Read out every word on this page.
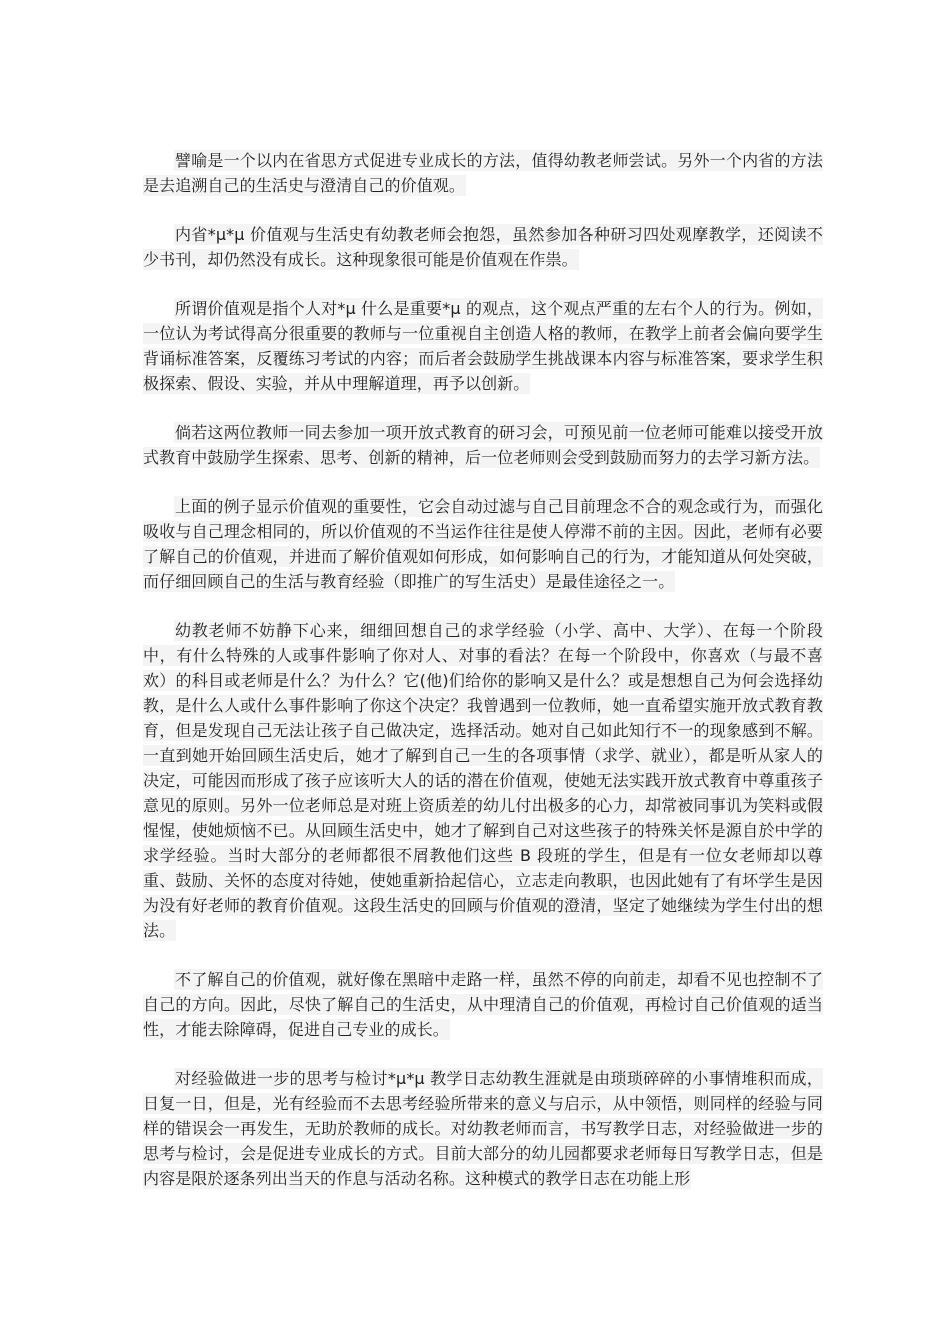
譬喻是一个以内在省思方式促进专业成长的方法，值得幼教老师尝试。另外一个内省的方法是去追溯自己的生活史与澄清自己的价值观。

内省*μ*μ 价值观与生活史有幼教老师会抱怨，虽然参加各种研习四处观摩教学，还阅读不少书刊，却仍然没有成长。这种现象很可能是价值观在作祟。

所谓价值观是指个人对*μ 什么是重要*μ 的观点，这个观点严重的左右个人的行为。例如，一位认为考试得高分很重要的教师与一位重视自主创造人格的教师，在教学上前者会偏向要学生背诵标准答案，反覆练习考试的内容；而后者会鼓励学生挑战课本内容与标准答案，要求学生积极探索、假设、实验，并从中理解道理，再予以创新。

倘若这两位教师一同去参加一项开放式教育的研习会，可预见前一位老师可能难以接受开放式教育中鼓励学生探索、思考、创新的精神，后一位老师则会受到鼓励而努力的去学习新方法。

上面的例子显示价值观的重要性，它会自动过滤与自己目前理念不合的观念或行为，而强化吸收与自己理念相同的，所以价值观的不当运作往往是使人停滞不前的主因。因此，老师有必要了解自己的价值观，并进而了解价值观如何形成，如何影响自己的行为，才能知道从何处突破，而仔细回顾自己的生活与教育经验（即推广的写生活史）是最佳途径之一。

幼教老师不妨静下心来，细细回想自己的求学经验（小学、高中、大学）、在每一个阶段中，有什么特殊的人或事件影响了你对人、对事的看法？在每一个阶段中，你喜欢（与最不喜欢）的科目或老师是什么？为什么？它(他)们给你的影响又是什么？或是想想自己为何会选择幼教，是什么人或什么事件影响了你这个决定？我曾遇到一位教师，她一直希望实施开放式教育教育，但是发现自己无法让孩子自己做决定，选择活动。她对自己如此知行不一的现象感到不解。一直到她开始回顾生活史后，她才了解到自己一生的各项事情（求学、就业），都是听从家人的决定，可能因而形成了孩子应该听大人的话的潜在价值观，使她无法实践开放式教育中尊重孩子意见的原则。另外一位老师总是对班上资质差的幼儿付出极多的心力，却常被同事讥为笑料或假惺惺，使她烦恼不已。从回顾生活史中，她才了解到自己对这些孩子的特殊关怀是源自於中学的求学经验。当时大部分的老师都很不屑教他们这些 B 段班的学生，但是有一位女老师却以尊重、鼓励、关怀的态度对待她，使她重新拾起信心，立志走向教职，也因此她有了有坏学生是因为没有好老师的教育价值观。这段生活史的回顾与价值观的澄清，坚定了她继续为学生付出的想法。

不了解自己的价值观，就好像在黑暗中走路一样，虽然不停的向前走，却看不见也控制不了自己的方向。因此，尽快了解自己的生活史，从中理清自己的价值观，再检讨自己价值观的适当性，才能去除障碍，促进自己专业的成长。

对经验做进一步的思考与检讨*μ*μ 教学日志幼教生涯就是由琐琐碎碎的小事情堆积而成，日复一日，但是，光有经验而不去思考经验所带来的意义与启示，从中领悟，则同样的经验与同样的错误会一再发生，无助於教师的成长。对幼教老师而言，书写教学日志，对经验做进一步的思考与检讨，会是促进专业成长的方式。目前大部分的幼儿园都要求老师每日写教学日志，但是内容是限於逐条列出当天的作息与活动名称。这种模式的教学日志在功能上形
